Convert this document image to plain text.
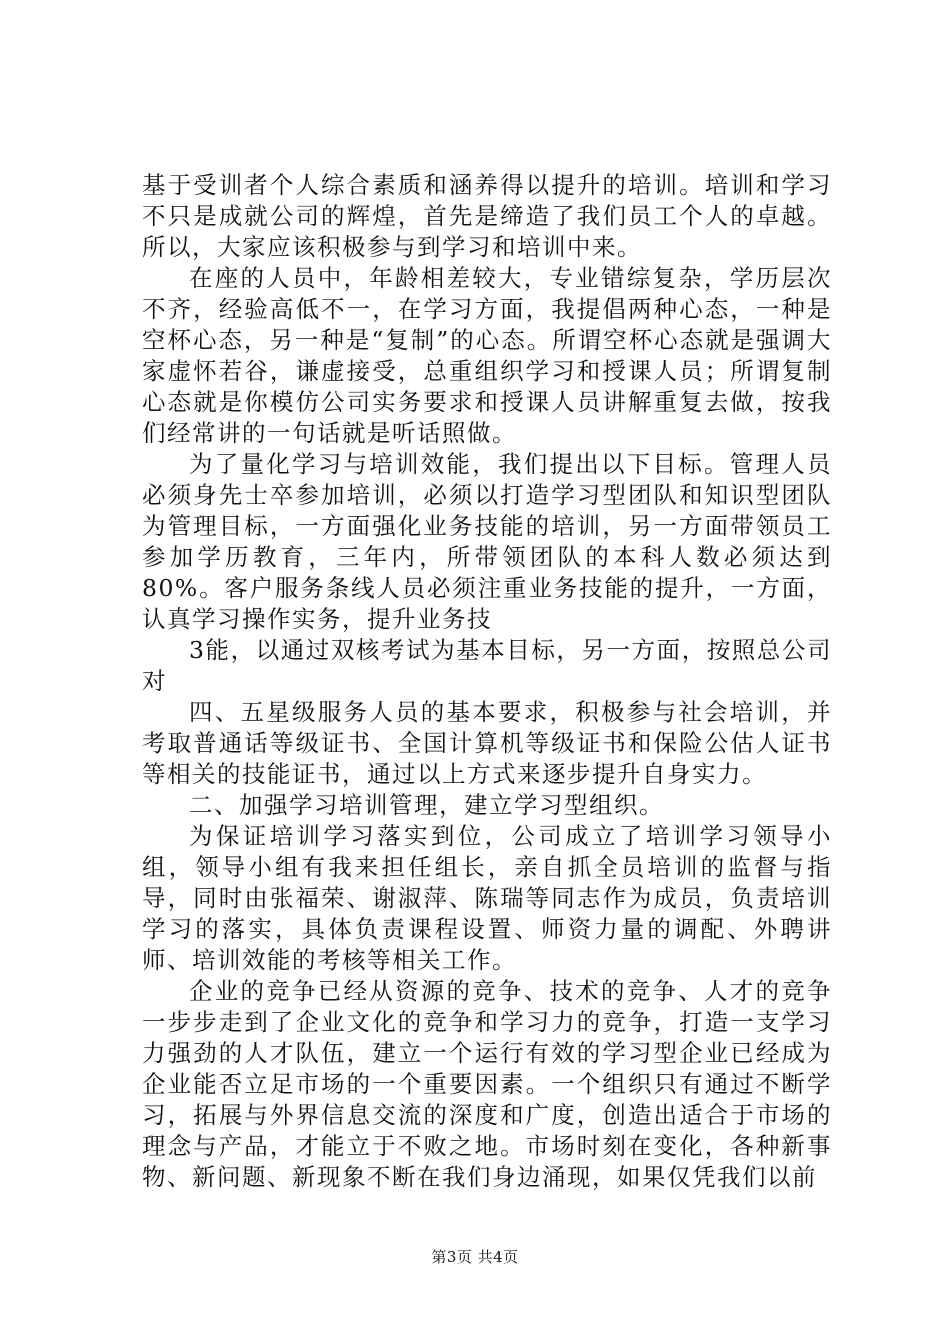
基于受训者个人综合素质和涵养得以提升的培训。培训和学习不只是成就公司的辉煌，首先是缔造了我们员工个人的卓越。所以，大家应该积极参与到学习和培训中来。

在座的人员中，年龄相差较大，专业错综复杂，学历层次不齐，经验高低不一，在学习方面，我提倡两种心态，一种是空杯心态，另一种是“复制”的心态。所谓空杯心态就是强调大家虚怀若谷，谦虚接受，总重组织学习和授课人员；所谓复制心态就是你模仿公司实务要求和授课人员讲解重复去做，按我们经常讲的一句话就是听话照做。

为了量化学习与培训效能，我们提出以下目标。管理人员必须身先士卒参加培训，必须以打造学习型团队和知识型团队为管理目标，一方面强化业务技能的培训，另一方面带领员工参加学历教育，三年内，所带领团队的本科人数必须达到80%。客户服务条线人员必须注重业务技能的提升，一方面，认真学习操作实务，提升业务技

3能，以通过双核考试为基本目标，另一方面，按照总公司对

四、五星级服务人员的基本要求，积极参与社会培训，并考取普通话等级证书、全国计算机等级证书和保险公估人证书等相关的技能证书，通过以上方式来逐步提升自身实力。

二、加强学习培训管理，建立学习型组织。

为保证培训学习落实到位，公司成立了培训学习领导小组，领导小组有我来担任组长，亲自抓全员培训的监督与指导，同时由张福荣、谢淑萍、陈瑞等同志作为成员，负责培训学习的落实，具体负责课程设置、师资力量的调配、外聘讲师、培训效能的考核等相关工作。

企业的竞争已经从资源的竞争、技术的竞争、人才的竞争一步步走到了企业文化的竞争和学习力的竞争，打造一支学习力强劲的人才队伍，建立一个运行有效的学习型企业已经成为企业能否立足市场的一个重要因素。一个组织只有通过不断学习，拓展与外界信息交流的深度和广度，创造出适合于市场的理念与产品，才能立于不败之地。市场时刻在变化，各种新事物、新问题、新现象不断在我们身边涌现，如果仅凭我们以前

第3页 共4页
